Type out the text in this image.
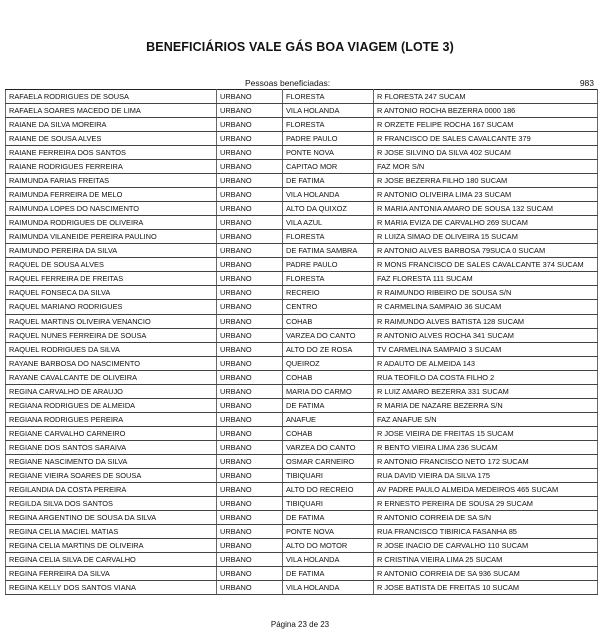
BENEFICIÁRIOS VALE GÁS BOA VIAGEM (LOTE 3)
Pessoas beneficiadas:	983
RAFAELA RODRIGUES DE SOUSA	URBANO	FLORESTA	R FLORESTA 247 SUCAM
RAFAELA SOARES MACEDO DE LIMA	URBANO	VILA HOLANDA	R ANTONIO ROCHA BEZERRA 0000 186
RAIANE DA SILVA MOREIRA	URBANO	FLORESTA	R ORZETE FELIPE ROCHA 167 SUCAM
RAIANE DE SOUSA ALVES	URBANO	PADRE PAULO	R FRANCISCO DE SALES CAVALCANTE 379
RAIANE FERREIRA DOS SANTOS	URBANO	PONTE NOVA	R JOSE SILVINO DA SILVA 402 SUCAM
RAIANE RODRIGUES FERREIRA	URBANO	CAPITAO MOR	FAZ MOR S/N
RAIMUNDA FARIAS FREITAS	URBANO	DE FATIMA	R JOSE BEZERRA FILHO 180 SUCAM
RAIMUNDA FERREIRA DE MELO	URBANO	VILA HOLANDA	R ANTONIO OLIVEIRA LIMA 23 SUCAM
RAIMUNDA LOPES DO NASCIMENTO	URBANO	ALTO DA QUIXOZ	R MARIA ANTONIA AMARO DE SOUSA 132 SUCAM
RAIMUNDA RODRIGUES DE OLIVEIRA	URBANO	VILA AZUL	R MARIA EVIZA DE CARVALHO 269 SUCAM
RAIMUNDA VILANEIDE PEREIRA PAULINO	URBANO	FLORESTA	R LUIZA SIMAO DE OLIVEIRA 15 SUCAM
RAIMUNDO PEREIRA DA SILVA	URBANO	DE FATIMA SAMBRA	R ANTONIO ALVES BARBOSA 79SUCA 0 SUCAM
RAQUEL DE SOUSA ALVES	URBANO	PADRE PAULO	R MONS FRANCISCO DE SALES CAVALCANTE 374 SUCAM
RAQUEL FERREIRA DE FREITAS	URBANO	FLORESTA	FAZ FLORESTA 111 SUCAM
RAQUEL FONSECA DA SILVA	URBANO	RECREIO	R RAIMUNDO RIBEIRO DE SOUSA S/N
RAQUEL MARIANO RODRIGUES	URBANO	CENTRO	R CARMELINA SAMPAIO 36 SUCAM
RAQUEL MARTINS OLIVEIRA VENANCIO	URBANO	COHAB	R RAIMUNDO ALVES BATISTA 128 SUCAM
RAQUEL NUNES FERREIRA DE SOUSA	URBANO	VARZEA DO CANTO	R ANTONIO ALVES ROCHA 341 SUCAM
RAQUEL RODRIGUES DA SILVA	URBANO	ALTO DO ZE ROSA	TV CARMELINA SAMPAIO 3 SUCAM
RAYANE BARBOSA DO NASCIMENTO	URBANO	QUEIROZ	R ADAUTO DE ALMEIDA 143
RAYANE CAVALCANTE DE OLIVEIRA	URBANO	COHAB	RUA TEOFILO DA COSTA FILHO 2
REGINA CARVALHO DE ARAUJO	URBANO	MARIA DO CARMO	R LUIZ AMARO BEZERRA 331 SUCAM
REGIANA RODRIGUES DE ALMEIDA	URBANO	DE FATIMA	R MARIA DE NAZARE BEZERRA S/N
REGIANA RODRIGUES PEREIRA	URBANO	ANAFUE	FAZ ANAFUE S/N
REGIANE CARVALHO CARNEIRO	URBANO	COHAB	R JOSE VIEIRA DE FREITAS 15 SUCAM
REGIANE DOS SANTOS SARAIVA	URBANO	VARZEA DO CANTO	R BENTO VIEIRA LIMA 236 SUCAM
REGIANE NASCIMENTO DA SILVA	URBANO	OSMAR CARNEIRO	R ANTONIO FRANCISCO NETO 172 SUCAM
REGIANE VIEIRA SOARES DE SOUSA	URBANO	TIBIQUARI	RUA DAVID VIEIRA DA SILVA 175
REGILANDIA DA COSTA PEREIRA	URBANO	ALTO DO RECREIO	AV PADRE PAULO ALMEIDA MEDEIROS 465 SUCAM
REGILDA SILVA DOS SANTOS	URBANO	TIBIQUARI	R ERNESTO PEREIRA DE SOUSA 29 SUCAM
REGINA ARGENTINO DE SOUSA DA SILVA	URBANO	DE FATIMA	R ANTONIO CORREIA DE SA S/N
REGINA CELIA MACIEL MATIAS	URBANO	PONTE NOVA	RUA FRANCISCO TIBIRICA FASANHA 85
REGINA CELIA MARTINS DE OLIVEIRA	URBANO	ALTO DO MOTOR	R JOSE INACIO DE CARVALHO 110 SUCAM
REGINA CELIA SILVA DE CARVALHO	URBANO	VILA HOLANDA	R CRISTINA VIEIRA LIMA 25 SUCAM
REGINA FERREIRA DA SILVA	URBANO	DE FATIMA	R ANTONIO CORREIA DE SA 936 SUCAM
REGINA KELLY DOS SANTOS VIANA	URBANO	VILA HOLANDA	R JOSE BATISTA DE FREITAS 10 SUCAM
Página 23 de 23
